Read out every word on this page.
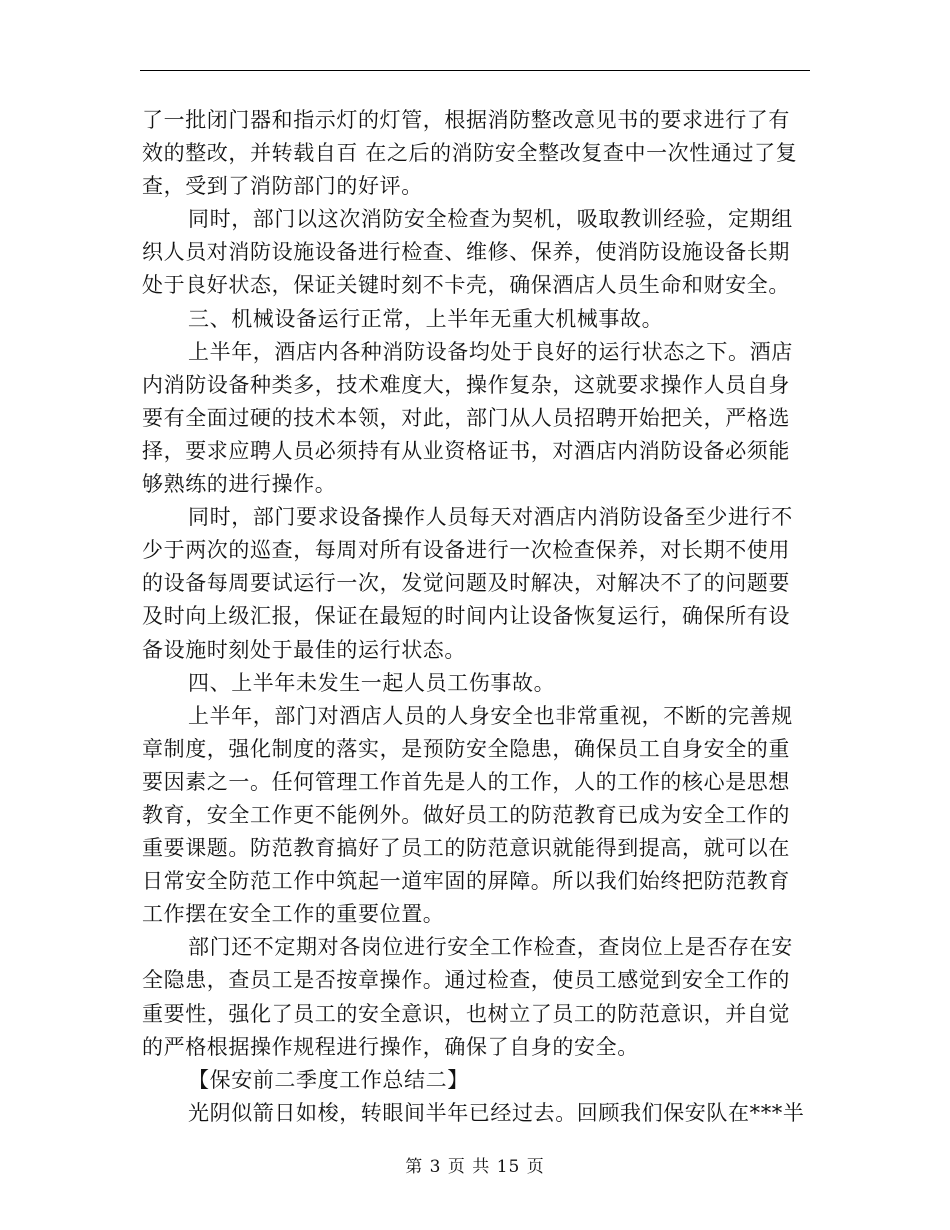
了一批闭门器和指示灯的灯管，根据消防整改意见书的要求进行了有
效的整改，并转载自百 在之后的消防安全整改复查中一次性通过了复
查，受到了消防部门的好评。
同时，部门以这次消防安全检查为契机，吸取教训经验，定期组
织人员对消防设施设备进行检查、维修、保养，使消防设施设备长期
处于良好状态，保证关键时刻不卡壳，确保酒店人员生命和财安全。
三、机械设备运行正常，上半年无重大机械事故。
上半年，酒店内各种消防设备均处于良好的运行状态之下。酒店
内消防设备种类多，技术难度大，操作复杂，这就要求操作人员自身
要有全面过硬的技术本领，对此，部门从人员招聘开始把关，严格选
择，要求应聘人员必须持有从业资格证书，对酒店内消防设备必须能
够熟练的进行操作。
同时，部门要求设备操作人员每天对酒店内消防设备至少进行不
少于两次的巡查，每周对所有设备进行一次检查保养，对长期不使用
的设备每周要试运行一次，发觉问题及时解决，对解决不了的问题要
及时向上级汇报，保证在最短的时间内让设备恢复运行，确保所有设
备设施时刻处于最佳的运行状态。
四、上半年未发生一起人员工伤事故。
上半年，部门对酒店人员的人身安全也非常重视，不断的完善规
章制度，强化制度的落实，是预防安全隐患，确保员工自身安全的重
要因素之一。任何管理工作首先是人的工作，人的工作的核心是思想
教育，安全工作更不能例外。做好员工的防范教育已成为安全工作的
重要课题。防范教育搞好了员工的防范意识就能得到提高，就可以在
日常安全防范工作中筑起一道牢固的屏障。所以我们始终把防范教育
工作摆在安全工作的重要位置。
部门还不定期对各岗位进行安全工作检查，查岗位上是否存在安
全隐患，查员工是否按章操作。通过检查，使员工感觉到安全工作的
重要性，强化了员工的安全意识，也树立了员工的防范意识，并自觉
的严格根据操作规程进行操作，确保了自身的安全。
【保安前二季度工作总结二】
光阴似箭日如梭，转眼间半年已经过去。回顾我们保安队在***半
第 3 页 共 15 页
